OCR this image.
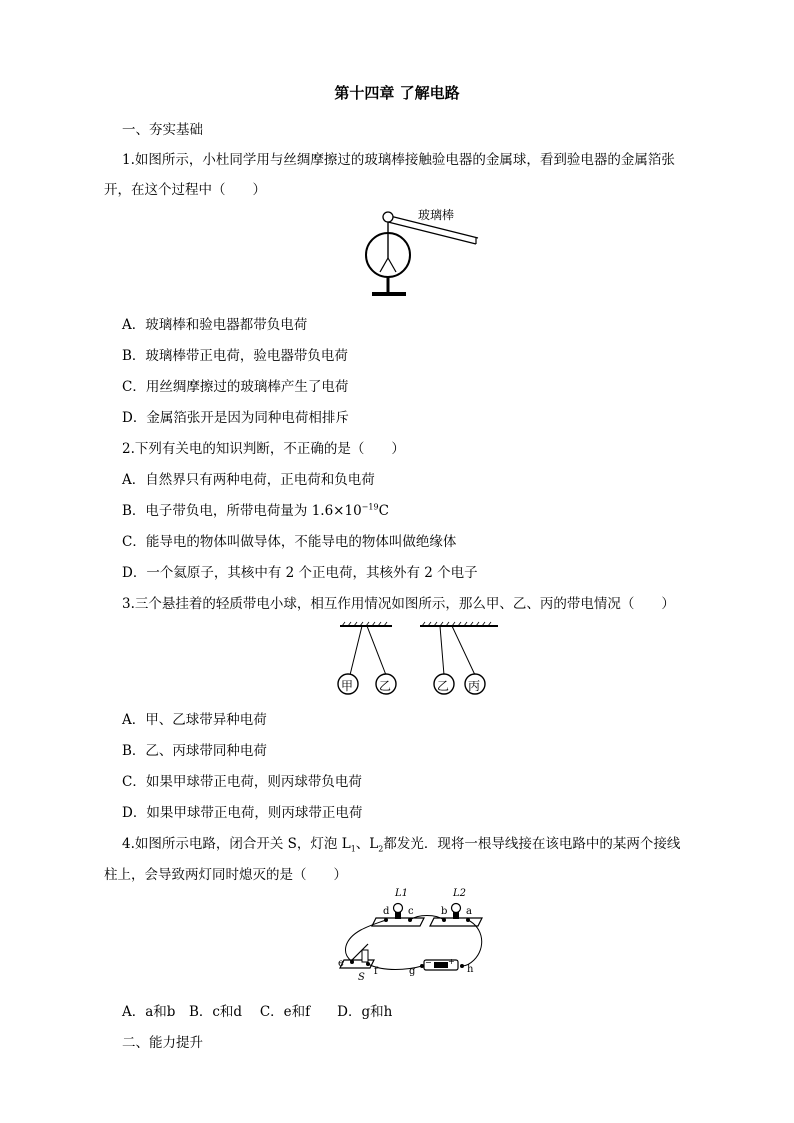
第十四章 了解电路
一、夯实基础
1.如图所示，小杜同学用与丝绸摩擦过的玻璃棒接触验电器的金属球，看到验电器的金属箔张
开，在这个过程中（　　）
玻璃棒
A．玻璃棒和验电器都带负电荷
B．玻璃棒带正电荷，验电器带负电荷
C．用丝绸摩擦过的玻璃棒产生了电荷
D．金属箔张开是因为同种电荷相排斥
2.下列有关电的知识判断，不正确的是（　　）
A．自然界只有两种电荷，正电荷和负电荷
B．电子带负电，所带电荷量为 $1.6\times 10^{-19}C$
C．能导电的物体叫做导体，不能导电的物体叫做绝缘体
D．一个氦原子，其核中有 2 个正电荷，其核外有 2 个电子
3.三个悬挂着的轻质带电小球，相互作用情况如图所示，那么甲、乙、丙的带电情况（　　）
甲 乙	乙 丙
A．甲、乙球带异种电荷
B．乙、丙球带同种电荷
C．如果甲球带正电荷，则丙球带负电荷
D．如果甲球带正电荷，则丙球带正电荷
4.如图所示电路，闭合开关 S，灯泡 $L_1$、$L_2$都发光．现将一根导线接在该电路中的某两个接线
柱上，会导致两灯同时熄灭的是（　　）
+
−
L1	L2
d c	b a
e
f	g	h
S
A．a和b　B．c和d　 C．e和f　　D．g和h
二、能力提升
